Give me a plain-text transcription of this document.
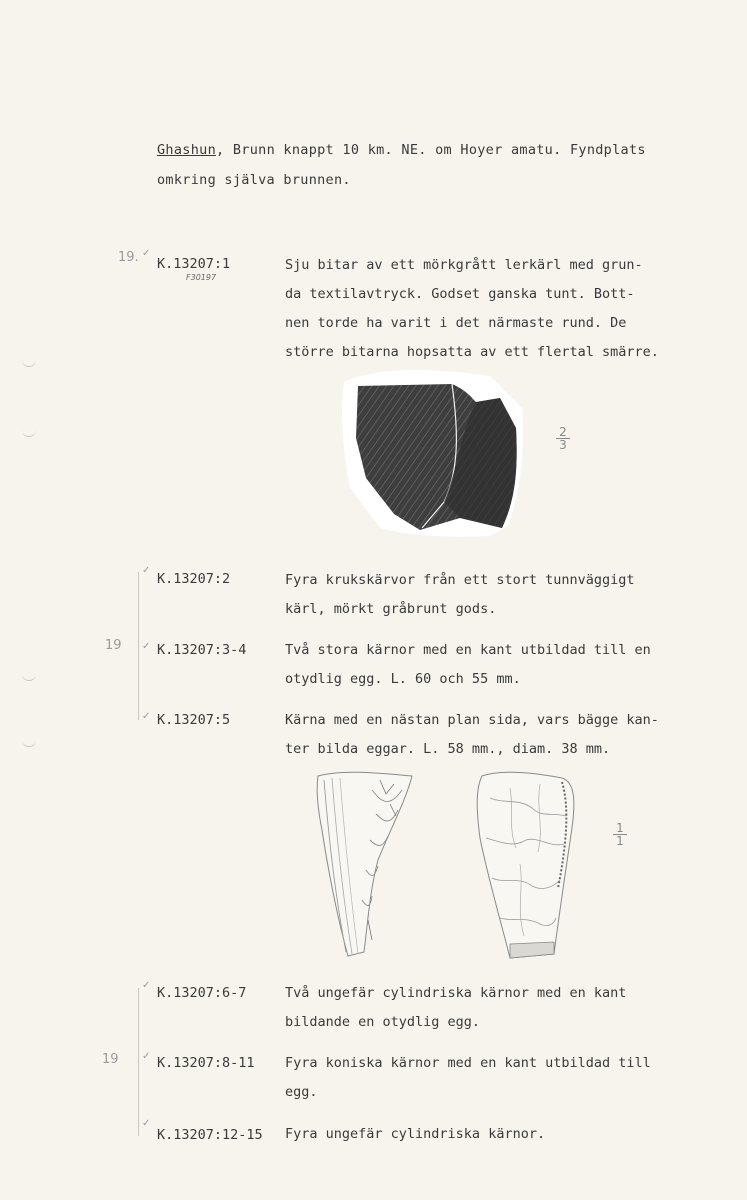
Ghashun, Brunn knappt 10 km. NE. om Hoyer amatu. Fyndplats
omkring själva brunnen.
19. ✓
K.13207:1
F30197
Sju bitar av ett mörkgrått lerkärl med grun-
da textilavtryck. Godset ganska tunt. Bott-
nen torde ha varit i det närmaste rund. De
större bitarna hopsatta av ett flertal smärre.
2
3
19
✓
K.13207:2	Fyra krukskärvor från ett stort tunnväggigt
kärl, mörkt gråbrunt gods.
✓ K.13207:3-4	Två stora kärnor med en kant utbildad till en
otydlig egg. L. 60 och 55 mm.
✓ K.13207:5	Kärna med en nästan plan sida, vars bägge kan-
ter bilda eggar. L. 58 mm., diam. 38 mm.
1
1
19
✓ K.13207:6-7	Två ungefär cylindriska kärnor med en kant
bildande en otydlig egg.
✓ K.13207:8-11 Fyra koniska kärnor med en kant utbildad till
egg.
✓
K.13207:12-15 Fyra ungefär cylindriska kärnor.
